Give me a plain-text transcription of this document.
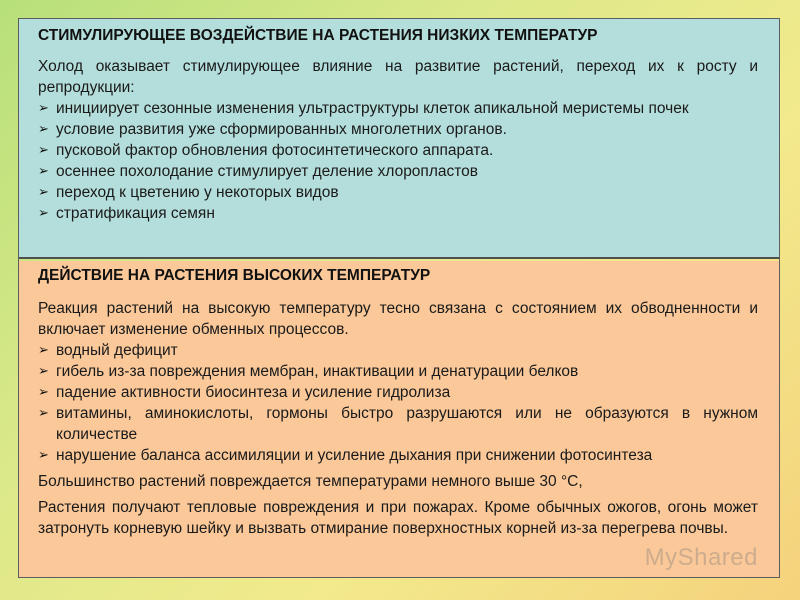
СТИМУЛИРУЮЩЕЕ ВОЗДЕЙСТВИЕ НА РАСТЕНИЯ НИЗКИХ ТЕМПЕРАТУР

Холод оказывает стимулирующее влияние на развитие растений, переход их к росту и репродукции:

➢ инициирует сезонные изменения ультраструктуры клеток апикальной меристемы почек
➢ условие развития уже сформированных многолетних органов.
➢ пусковой фактор обновления фотосинтетического аппарата.
➢ осеннее похолодание стимулирует деление хлоропластов
➢ переход к цветению у некоторых видов
➢ стратификация семян
ДЕЙСТВИЕ НА РАСТЕНИЯ ВЫСОКИХ ТЕМПЕРАТУР

Реакция растений на высокую температуру тесно связана с состоянием их обводненности и включает изменение обменных процессов.

➢ водный дефицит
➢ гибель из-за повреждения мембран, инактивации и денатурации белков
➢ падение активности биосинтеза и усиление гидролиза
➢ витамины, аминокислоты, гормоны быстро разрушаются или не образуются в нужном количестве
➢ нарушение баланса ассимиляции и усиление дыхания при снижении фотосинтеза

Большинство растений повреждается температурами немного выше 30 °С,

Растения получают тепловые повреждения и при пожарах. Кроме обычных ожогов, огонь может затронуть корневую шейку и вызвать отмирание поверхностных корней из-за перегрева почвы.

MyShared
